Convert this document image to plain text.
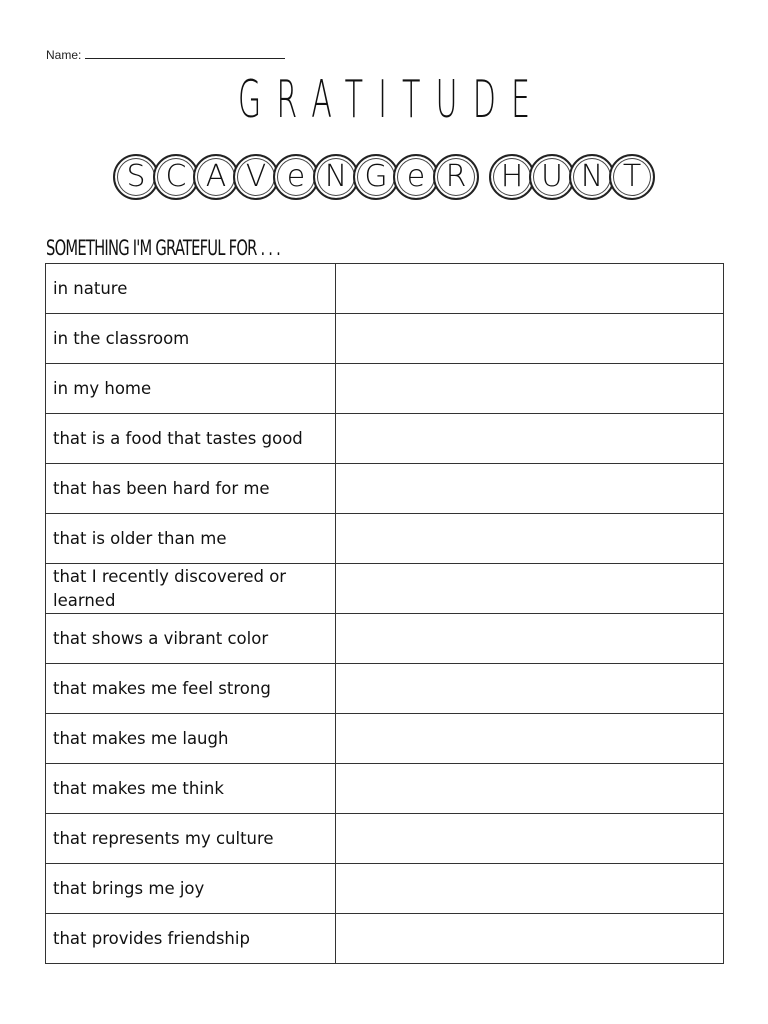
Name:
GRATITUDE
S C A V e N G e R H U N T
SOMETHING I'M GRATEFUL FOR . . .
in nature	
in the classroom	
in my home	
that is a food that tastes good	
that has been hard for me	
that is older than me	
that I recently discovered or learned	
that shows a vibrant color	
that makes me feel strong	
that makes me laugh	
that makes me think	
that represents my culture	
that brings me joy	
that provides friendship	
